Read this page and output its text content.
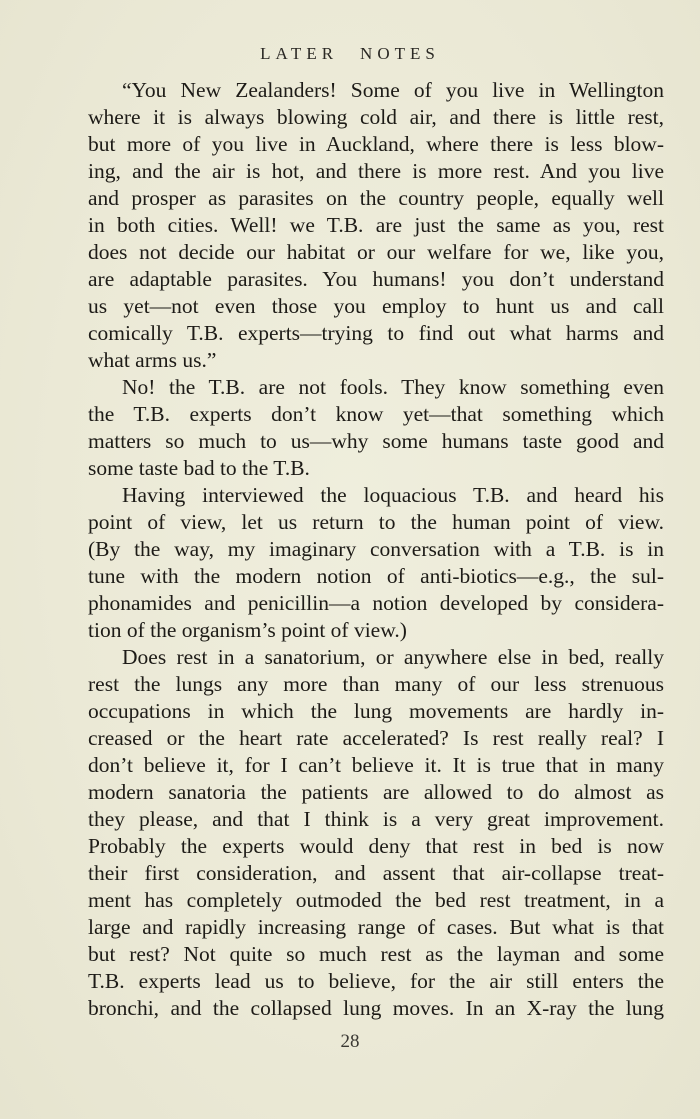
LATER NOTES
“You New Zealanders! Some of you live in Wellington
where it is always blowing cold air, and there is little rest,
but more of you live in Auckland, where there is less blow-
ing, and the air is hot, and there is more rest. And you live
and prosper as parasites on the country people, equally well
in both cities. Well! we T.B. are just the same as you, rest
does not decide our habitat or our welfare for we, like you,
are adaptable parasites. You humans! you don’t understand
us yet—not even those you employ to hunt us and call
comically T.B. experts—trying to find out what harms and
what arms us.”
No! the T.B. are not fools. They know something even
the T.B. experts don’t know yet—that something which
matters so much to us—why some humans taste good and
some taste bad to the T.B.
Having interviewed the loquacious T.B. and heard his
point of view, let us return to the human point of view.
(By the way, my imaginary conversation with a T.B. is in
tune with the modern notion of anti-biotics—e.g., the sul-
phonamides and penicillin—a notion developed by considera-
tion of the organism’s point of view.)
Does rest in a sanatorium, or anywhere else in bed, really
rest the lungs any more than many of our less strenuous
occupations in which the lung movements are hardly in-
creased or the heart rate accelerated? Is rest really real? I
don’t believe it, for I can’t believe it. It is true that in many
modern sanatoria the patients are allowed to do almost as
they please, and that I think is a very great improvement.
Probably the experts would deny that rest in bed is now
their first consideration, and assent that air-collapse treat-
ment has completely outmoded the bed rest treatment, in a
large and rapidly increasing range of cases. But what is that
but rest? Not quite so much rest as the layman and some
T.B. experts lead us to believe, for the air still enters the
bronchi, and the collapsed lung moves. In an X-ray the lung
28
